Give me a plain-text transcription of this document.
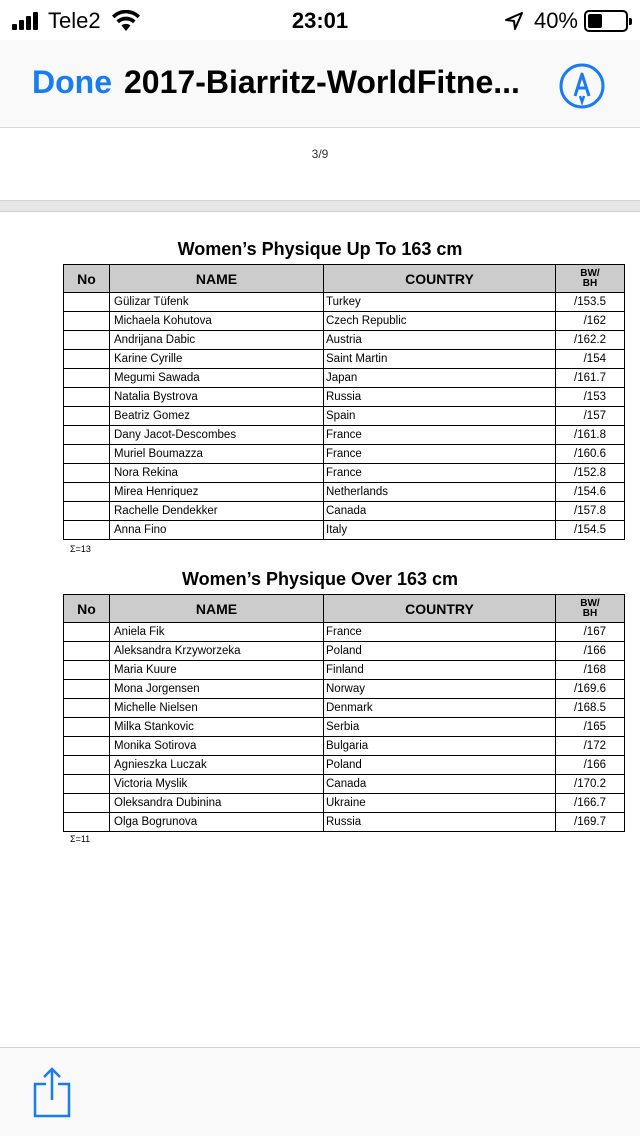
Tele2	23:01	40%
Done 2017-Biarritz-WorldFitne...
3/9
Women’s Physique Up To 163 cm
No	NAME	COUNTRY	BW/
BH
	Gülizar Tüfenk	Turkey	/153.5
	Michaela Kohutova	Czech Republic	/162
	Andrijana Dabic	Austria	/162.2
	Karine Cyrille	Saint Martin	/154
	Megumi Sawada	Japan	/161.7
	Natalia Bystrova	Russia	/153
	Beatriz Gomez	Spain	/157
	Dany Jacot-Descombes	France	/161.8
	Muriel Boumazza	France	/160.6
	Nora Rekina	France	/152.8
	Mirea Henriquez	Netherlands	/154.6
	Rachelle Dendekker	Canada	/157.8
	Anna Fino	Italy	/154.5
Σ=13
Women’s Physique Over 163 cm
No	NAME	COUNTRY	BW/
BH
	Aniela Fik	France	/167
	Aleksandra Krzyworzeka	Poland	/166
	Maria Kuure	Finland	/168
	Mona Jorgensen	Norway	/169.6
	Michelle Nielsen	Denmark	/168.5
	Milka Stankovic	Serbia	/165
	Monika Sotirova	Bulgaria	/172
	Agnieszka Luczak	Poland	/166
	Victoria Myslik	Canada	/170.2
	Oleksandra Dubinina	Ukraine	/166.7
	Olga Bogrunova	Russia	/169.7
Σ=11
